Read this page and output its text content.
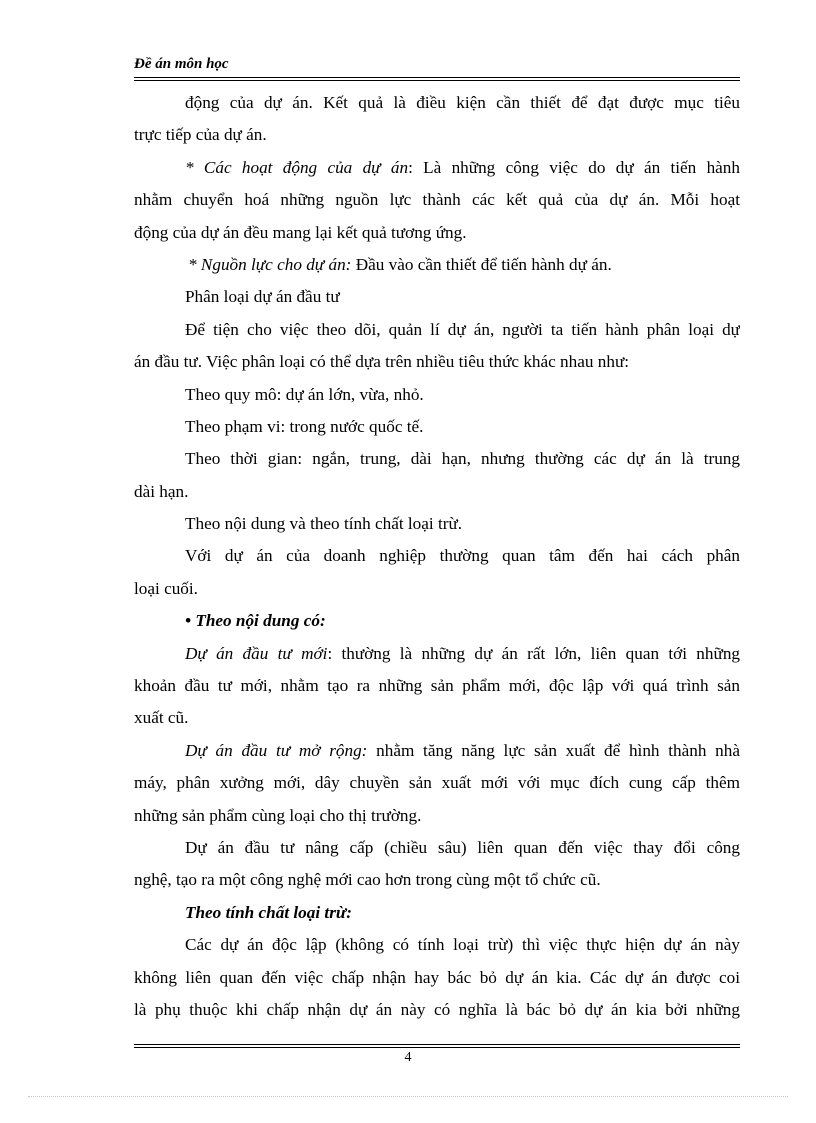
Đề án môn học
động của dự án. Kết quả là điều kiện cần thiết để đạt được mục tiêu
trực tiếp của dự án.
* Các hoạt động của dự án: Là những công việc do dự án tiến hành
nhằm chuyển hoá những nguồn lực thành các kết quả của dự án. Mỗi hoạt
động của dự án đều mang lại kết quả tương ứng.
* Nguồn lực cho dự án: Đầu vào cần thiết để tiến hành dự án.
Phân loại dự án đầu tư
Để tiện cho việc theo dõi, quản lí dự án, người ta tiến hành phân loại dự
án đầu tư. Việc phân loại có thể dựa trên nhiều tiêu thức khác nhau như:
Theo quy mô: dự án lớn, vừa, nhỏ.
Theo phạm vi: trong nước quốc tế.
Theo thời gian: ngắn, trung, dài hạn, nhưng thường các dự án là trung
dài hạn.
Theo nội dung và theo tính chất loại trừ.
Với dự án của doanh nghiệp thường quan tâm đến hai cách phân
loại cuối.
• Theo nội dung có:
Dự án đầu tư mới: thường là những dự án rất lớn, liên quan tới những
khoản đầu tư mới, nhằm tạo ra những sản phẩm mới, độc lập với quá trình sản
xuất cũ.
Dự án đầu tư mở rộng: nhằm tăng năng lực sản xuất để hình thành nhà
máy, phân xưởng mới, dây chuyền sản xuất mới với mục đích cung cấp thêm
những sản phẩm cùng loại cho thị trường.
Dự án đầu tư nâng cấp (chiều sâu) liên quan đến việc thay đổi công
nghệ, tạo ra một công nghệ mới cao hơn trong cùng một tổ chức cũ.
Theo tính chất loại trừ:
Các dự án độc lập (không có tính loại trừ) thì việc thực hiện dự án này
không liên quan đến việc chấp nhận hay bác bỏ dự án kia. Các dự án được coi
là phụ thuộc khi chấp nhận dự án này có nghĩa là bác bỏ dự án kia bởi những
4
